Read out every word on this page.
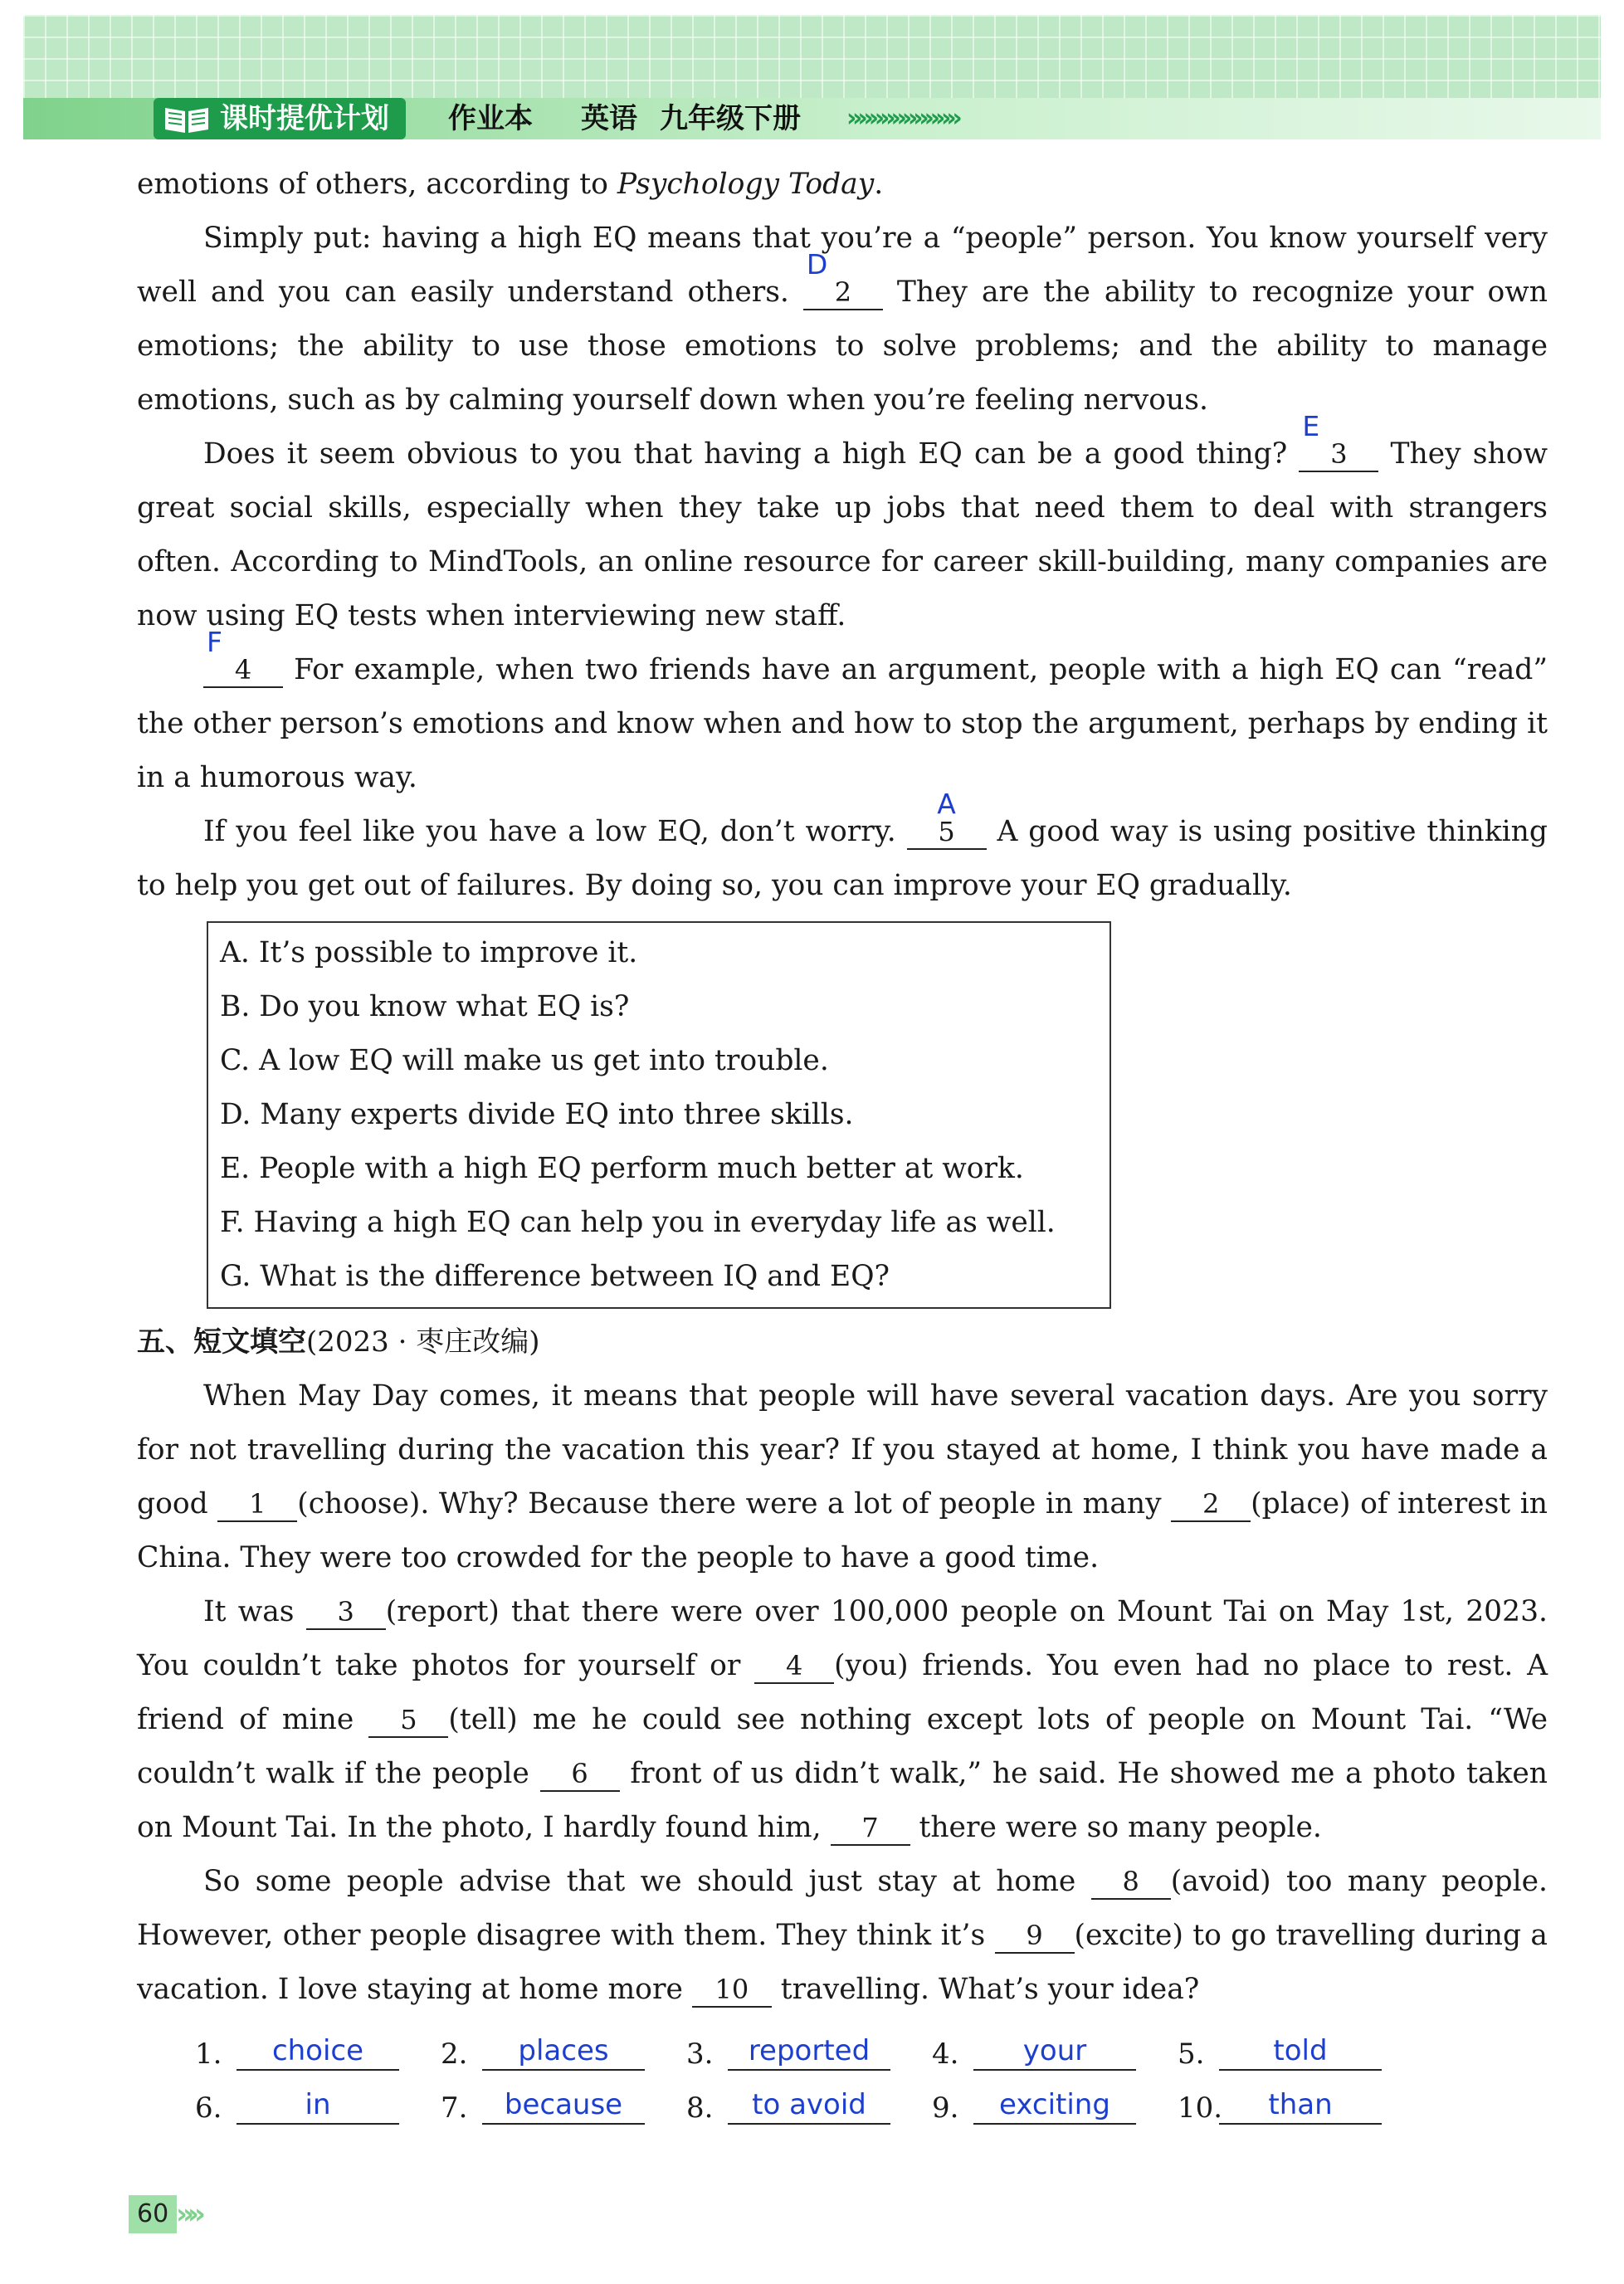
课时提优计划	作业本 英语 九年级下册 »»»»»»»»»»

emotions of others, according to Psychology Today.

Simply put: having a high EQ means that you’re a “people” person. You know yourself very well and you can easily understand others.
D
2 They are the ability to recognize your own emotions; the ability to use those emotions to solve problems; and the ability to manage emotions, such as by calming yourself down when you’re feeling nervous.

Does it seem obvious to you that having a high EQ can be a good thing?
E
3 They show great social skills, especially when they take up jobs that need them to deal with strangers often. According to MindTools, an online resource for career skill-building, many companies are now using EQ tests when interviewing new staff.

F
4 For example, when two friends have an argument, people with a high EQ can “read” the other person’s emotions and know when and how to stop the argument, perhaps by ending it in a humorous way.

If you feel like you have a low EQ, don’t worry.
A
5 A good way is using positive thinking to help you get out of failures. By doing so, you can improve your EQ gradually.

A. It’s possible to improve it.
B. Do you know what EQ is?
C. A low EQ will make us get into trouble.
D. Many experts divide EQ into three skills.
E. People with a high EQ perform much better at work.
F. Having a high EQ can help you in everyday life as well.
G. What is the difference between IQ and EQ?

五、短文填空(2023 · 枣庄改编)

When May Day comes, it means that people will have several vacation days. Are you sorry for not travelling during the vacation this year? If you stayed at home, I think you have made a good 1 (choose). Why? Because there were a lot of people in many 2 (place) of interest in China. They were too crowded for the people to have a good time.

It was 3 (report) that there were over 100,000 people on Mount Tai on May 1st, 2023. You couldn’t take photos for yourself or 4 (you) friends. You even had no place to rest. A friend of mine 5 (tell) me he could see nothing except lots of people on Mount Tai. “We couldn’t walk if the people 6 front of us didn’t walk,” he said. He showed me a photo taken on Mount Tai. In the photo, I hardly found him, 7 there were so many people.

So some people advise that we should just stay at home 8 (avoid) too many people. However, other people disagree with them. They think it’s 9 (excite) to go travelling during a vacation. I love staying at home more 10 travelling. What’s your idea?

1.	choice	2.	places	3.	reported	4.	your	5.	told
6.	in	7.	because	8.	to avoid	9.	exciting	10.	than
60 »»
